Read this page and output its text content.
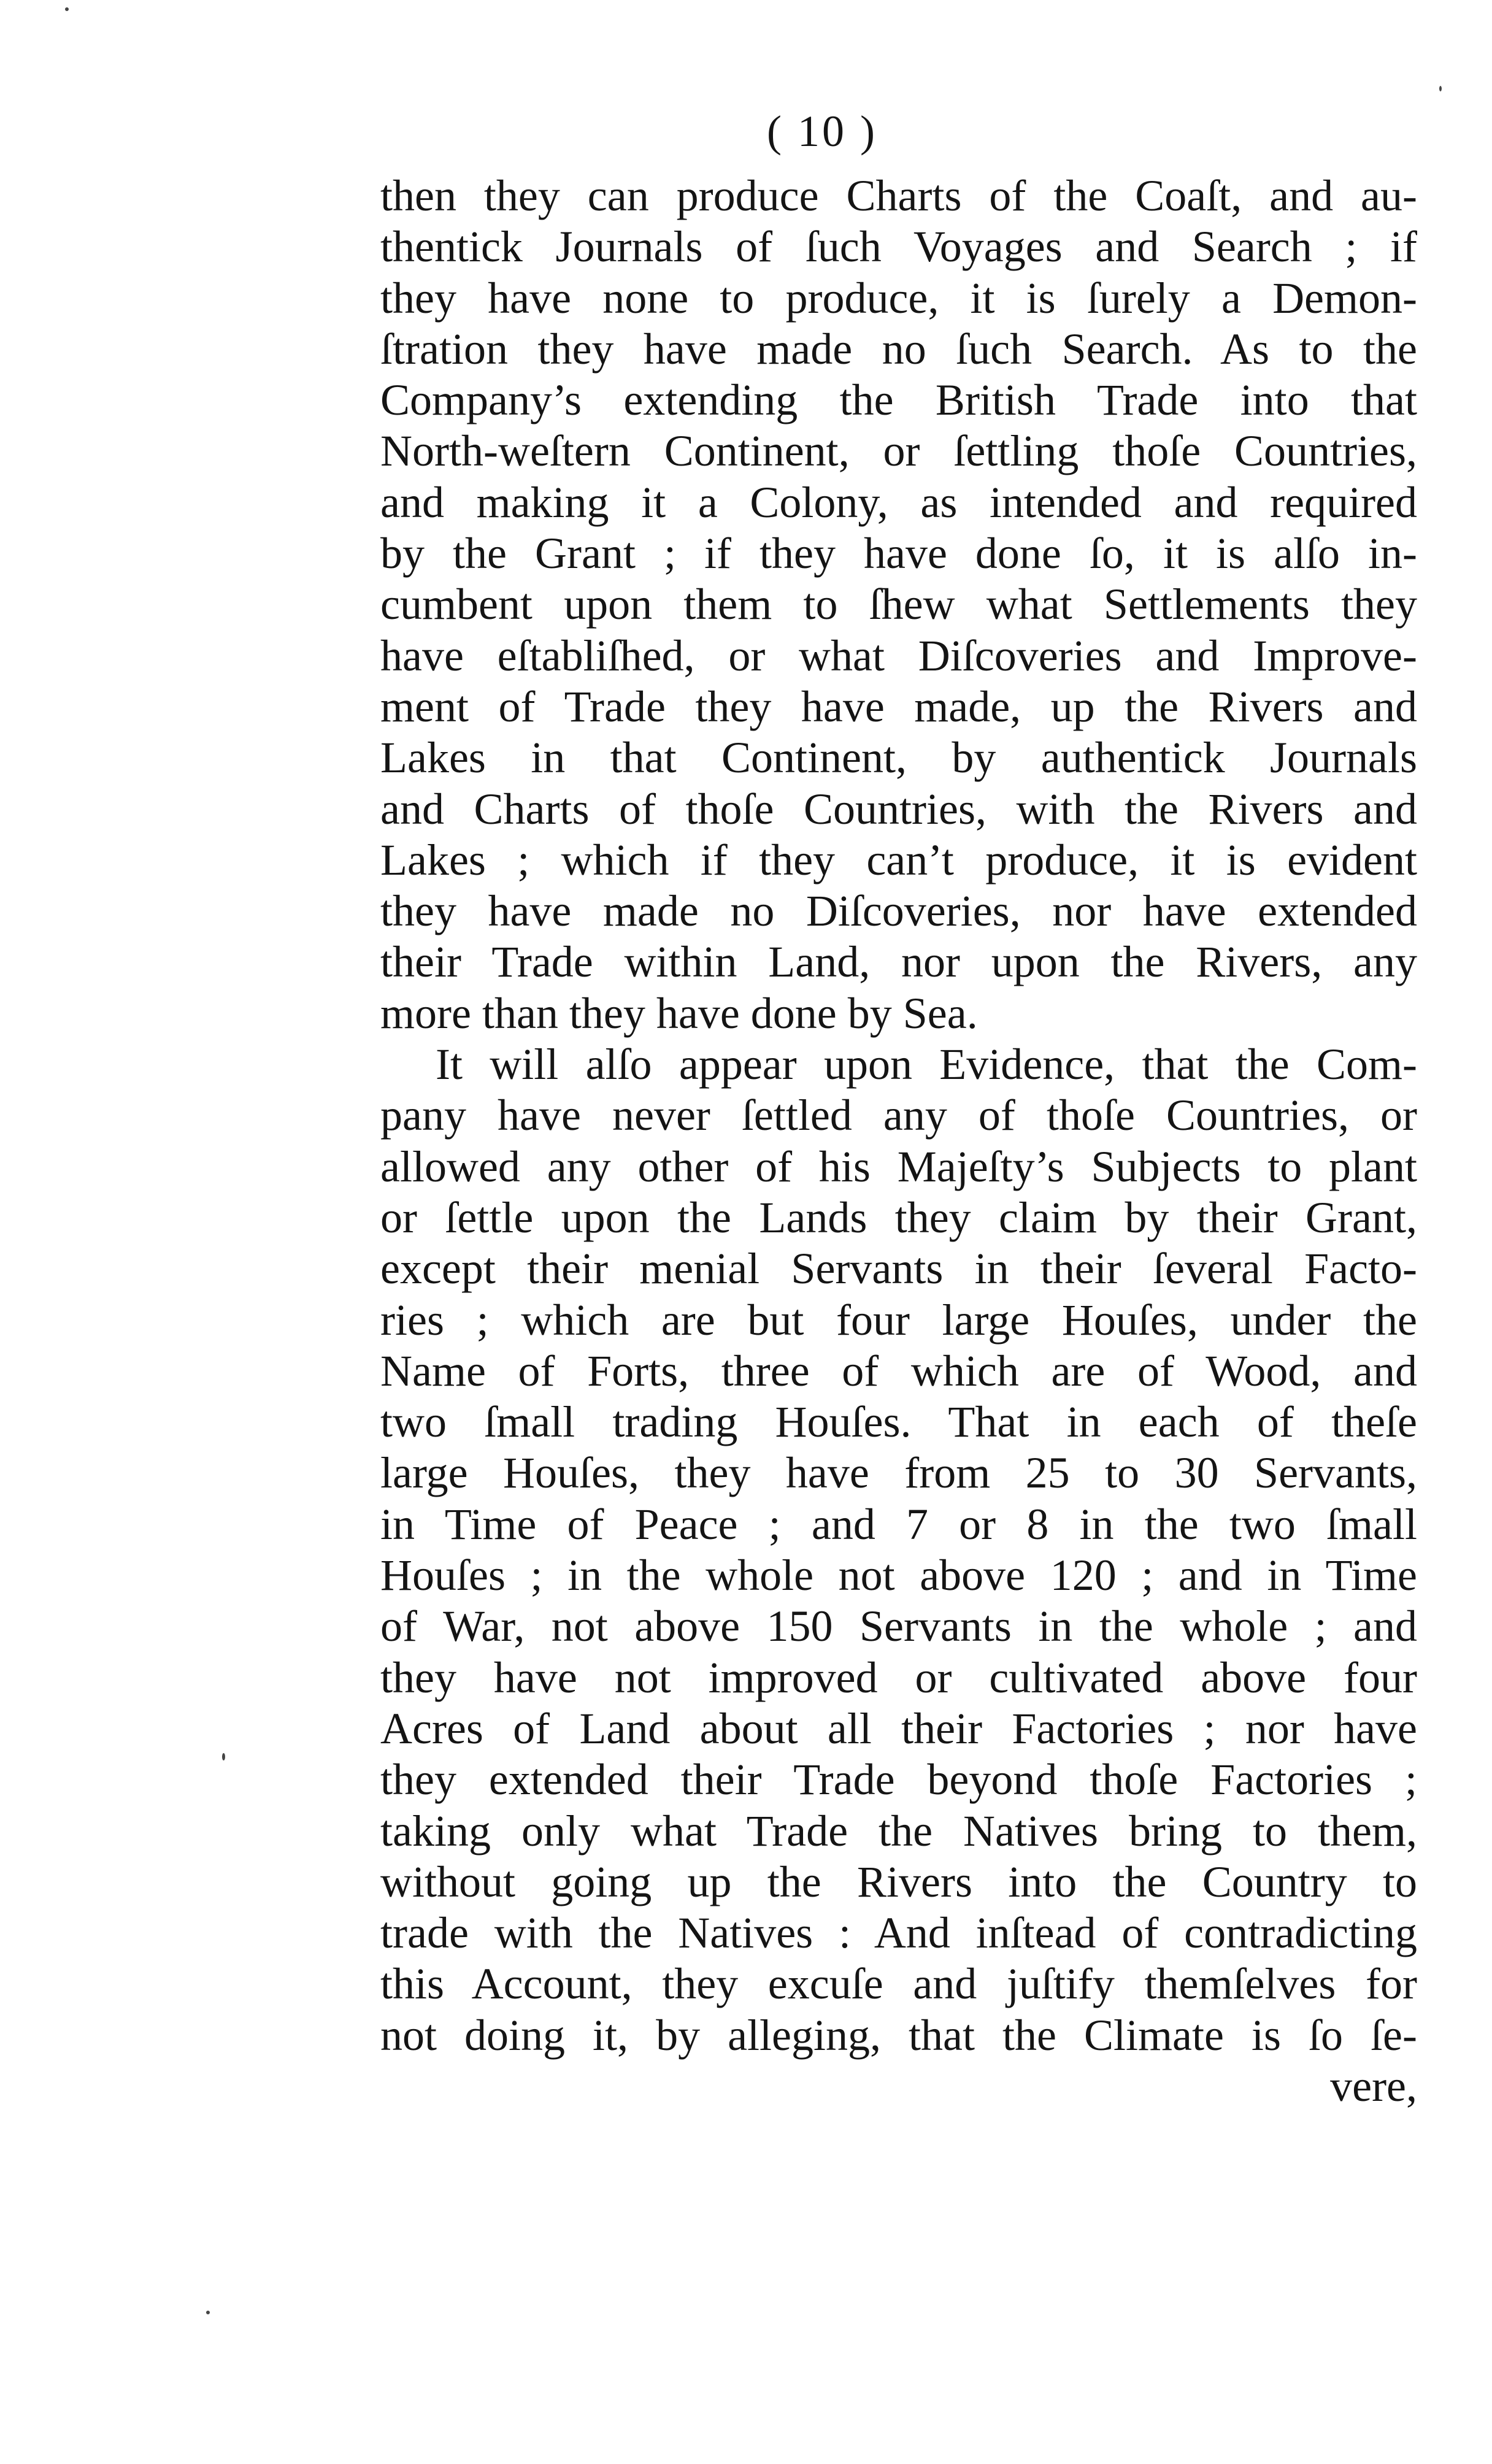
( 10 )
then they can produce Charts of the Coaſt, and au-
thentick Journals of ſuch Voyages and Search ; if
they have none to produce, it is ſurely a Demon-
ſtration they have made no ſuch Search. As to the
Company’s extending the British Trade into that
North-weſtern Continent, or ſettling thoſe Countries,
and making it a Colony, as intended and required
by the Grant ; if they have done ſo, it is alſo in-
cumbent upon them to ſhew what Settlements they
have eſtabliſhed, or what Diſcoveries and Improve-
ment of Trade they have made, up the Rivers and
Lakes in that Continent, by authentick Journals
and Charts of thoſe Countries, with the Rivers and
Lakes ; which if they can’t produce, it is evident
they have made no Diſcoveries, nor have extended
their Trade within Land, nor upon the Rivers, any
more than they have done by Sea.
It will alſo appear upon Evidence, that the Com-
pany have never ſettled any of thoſe Countries, or
allowed any other of his Majeſty’s Subjects to plant
or ſettle upon the Lands they claim by their Grant,
except their menial Servants in their ſeveral Facto-
ries ; which are but four large Houſes, under the
Name of Forts, three of which are of Wood, and
two ſmall trading Houſes. That in each of theſe
large Houſes, they have from 25 to 30 Servants,
in Time of Peace ; and 7 or 8 in the two ſmall
Houſes ; in the whole not above 120 ; and in Time
of War, not above 150 Servants in the whole ; and
they have not improved or cultivated above four
Acres of Land about all their Factories ; nor have
they extended their Trade beyond thoſe Factories ;
taking only what Trade the Natives bring to them,
without going up the Rivers into the Country to
trade with the Natives : And inſtead of contradicting
this Account, they excuſe and juſtify themſelves for
not doing it, by alleging, that the Climate is ſo ſe-
vere,
